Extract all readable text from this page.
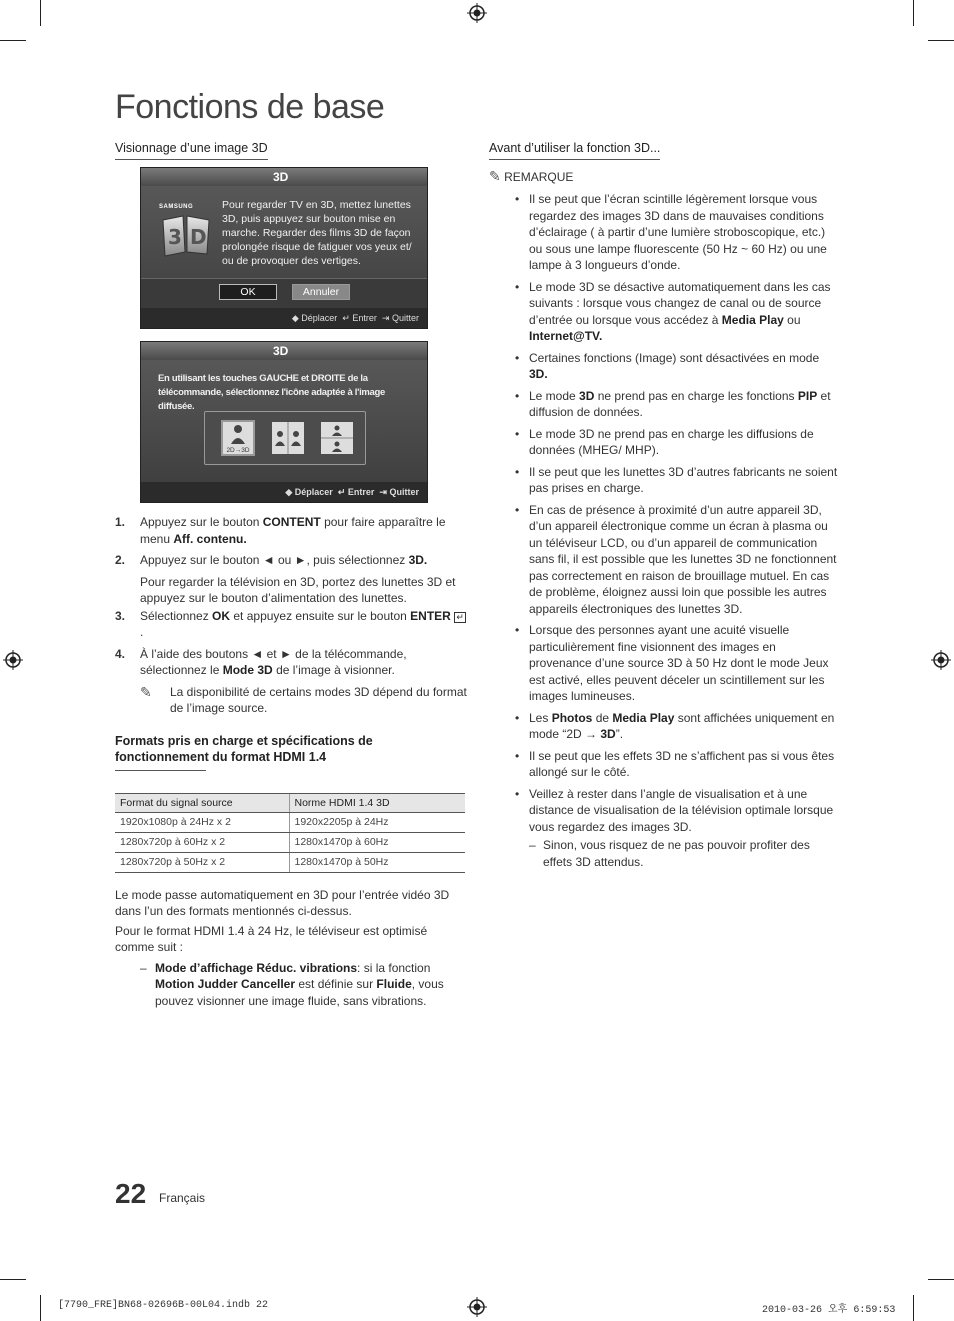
Fonctions de base
Visionnage d’une image 3D
3D
SAMSUNG
3 D
Pour regarder TV en 3D, mettez lunettes 3D, puis appuyez sur bouton mise en marche. Regarder des films 3D de façon prolongée risque de fatiguer vos yeux et/ ou de provoquer des vertiges.
OK	Annuler
◆ Déplacer ↵ Entrer ⇥ Quitter
3D
En utilisant les touches GAUCHE et DROITE de la télécommande, sélectionnez l'icône adaptée à l'image diffusée.
2D→3D
◆ Déplacer ↵ Entrer ⇥ Quitter
1. Appuyez sur le bouton CONTENT pour faire apparaître le menu Aff. contenu.
2. Appuyez sur le bouton ◄ ou ►, puis sélectionnez 3D.
Pour regarder la télévision en 3D, portez des lunettes 3D et appuyez sur le bouton d’alimentation des lunettes.
3. Sélectionnez OK et appuyez ensuite sur le bouton ENTER ↵.
4. À l’aide des boutons ◄ et ► de la télécommande, sélectionnez le Mode 3D de l’image à visionner.
✎ La disponibilité de certains modes 3D dépend du format de l’image source.
Formats pris en charge et spécifications de fonctionnement du format HDMI 1.4
Format du signal source	Norme HDMI 1.4 3D
1920x1080p à 24Hz x 2	1920x2205p à 24Hz
1280x720p à 60Hz x 2	1280x1470p à 60Hz
1280x720p à 50Hz x 2	1280x1470p à 50Hz
Le mode passe automatiquement en 3D pour l’entrée vidéo 3D dans l’un des formats mentionnés ci-dessus.
Pour le format HDMI 1.4 à 24 Hz, le téléviseur est optimisé comme suit :
– Mode d’affichage Réduc. vibrations: si la fonction Motion Judder Canceller est définie sur Fluide, vous pouvez visionner une image fluide, sans vibrations.
Avant d’utiliser la fonction 3D...
✎ REMARQUE
• Il se peut que l’écran scintille légèrement lorsque vous regardez des images 3D dans de mauvaises conditions d’éclairage ( à partir d’une lumière stroboscopique, etc.) ou sous une lampe fluorescente (50 Hz ~ 60 Hz) ou une lampe à 3 longueurs d’onde.
• Le mode 3D se désactive automatiquement dans les cas suivants : lorsque vous changez de canal ou de source d’entrée ou lorsque vous accédez à Media Play ou Internet@TV.
• Certaines fonctions (Image) sont désactivées en mode 3D.
• Le mode 3D ne prend pas en charge les fonctions PIP et diffusion de données.
• Le mode 3D ne prend pas en charge les diffusions de données (MHEG/ MHP).
• Il se peut que les lunettes 3D d’autres fabricants ne soient pas prises en charge.
• En cas de présence à proximité d’un autre appareil 3D, d’un appareil électronique comme un écran à plasma ou un téléviseur LCD, ou d’un appareil de communication sans fil, il est possible que les lunettes 3D ne fonctionnent pas correctement en raison de brouillage mutuel. En cas de problème, éloignez aussi loin que possible les autres appareils électroniques des lunettes 3D.
• Lorsque des personnes ayant une acuité visuelle particulièrement fine visionnent des images en provenance d’une source 3D à 50 Hz dont le mode Jeux est activé, elles peuvent déceler un scintillement sur les images lumineuses.
• Les Photos de Media Play sont affichées uniquement en mode “2D → 3D”.
• Il se peut que les effets 3D ne s’affichent pas si vous êtes allongé sur le côté.
• Veillez à rester dans l’angle de visualisation et à une distance de visualisation de la télévision optimale lorsque vous regardez des images 3D.
– Sinon, vous risquez de ne pas pouvoir profiter des effets 3D attendus.
22 Français
[7790_FRE]BN68-02696B-00L04.indb 22	2010-03-26 오후 6:59:53
